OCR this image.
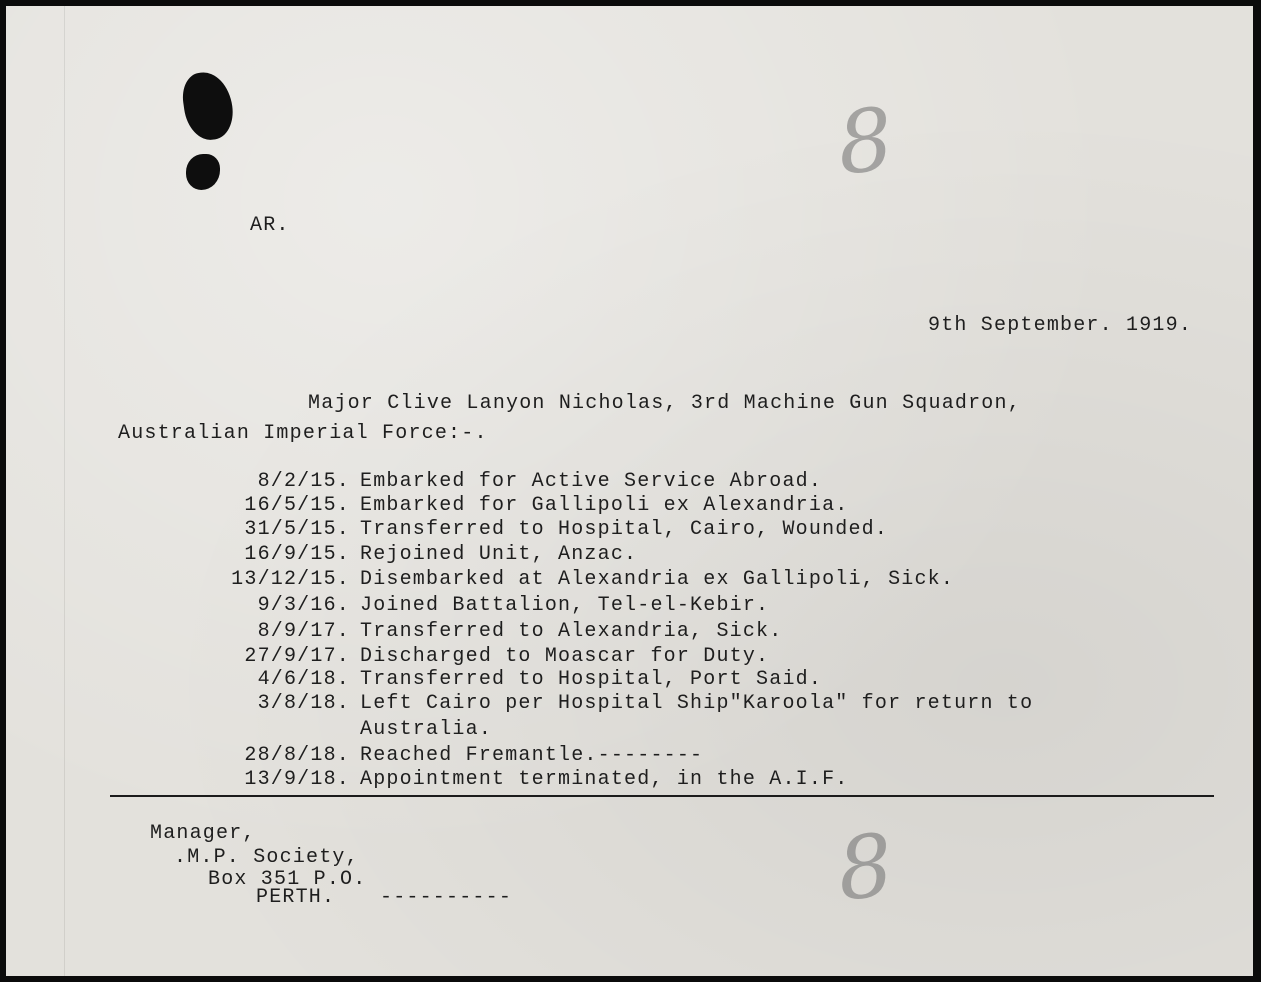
8
8
AR.
9th September. 1919.
Major Clive Lanyon Nicholas, 3rd Machine Gun Squadron,
Australian Imperial Force:-.
8/2/15. Embarked for Active Service Abroad.
16/5/15. Embarked for Gallipoli ex Alexandria.
31/5/15. Transferred to Hospital, Cairo, Wounded.
16/9/15. Rejoined Unit, Anzac.
13/12/15. Disembarked at Alexandria ex Gallipoli, Sick.
9/3/16. Joined Battalion, Tel-el-Kebir.
8/9/17. Transferred to Alexandria, Sick.
27/9/17. Discharged to Moascar for Duty.
4/6/18. Transferred to Hospital, Port Said.
3/8/18. Left Cairo per Hospital Ship"Karoola" for return to
Australia.
28/8/18. Reached Fremantle.--------
13/9/18. Appointment terminated, in the A.I.F.
Manager,
.M.P. Society,
Box 351 P.O.
PERTH. ----------
